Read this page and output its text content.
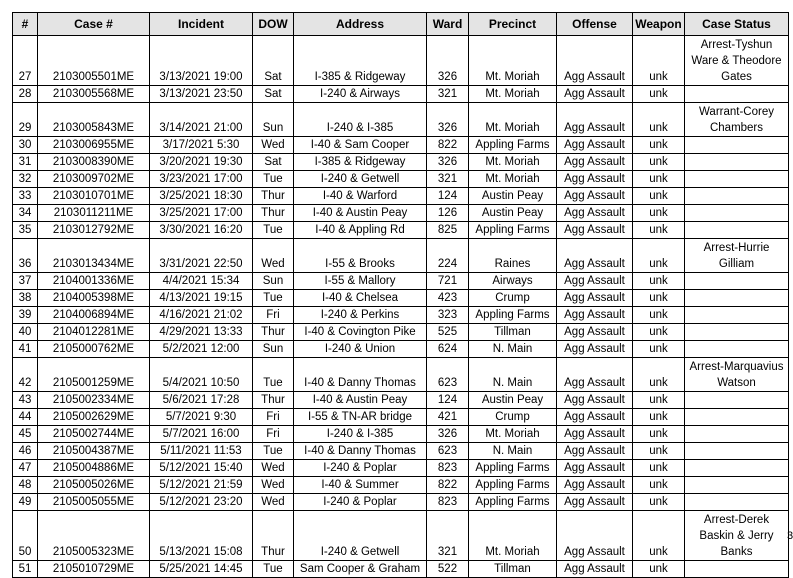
#	Case #	Incident	DOW	Address	Ward	Precinct	Offense	Weapon	Case Status
27	2103005501ME	3/13/2021 19:00	Sat	I-385 & Ridgeway	326	Mt. Moriah	Agg Assault	unk	Arrest-Tyshun Ware & Theodore Gates
28	2103005568ME	3/13/2021 23:50	Sat	I-240 & Airways	321	Mt. Moriah	Agg Assault	unk	
29	2103005843ME	3/14/2021 21:00	Sun	I-240 & I-385	326	Mt. Moriah	Agg Assault	unk	Warrant-Corey Chambers
30	2103006955ME	3/17/2021 5:30	Wed	I-40 & Sam Cooper	822	Appling Farms	Agg Assault	unk	
31	2103008390ME	3/20/2021 19:30	Sat	I-385 & Ridgeway	326	Mt. Moriah	Agg Assault	unk	
32	2103009702ME	3/23/2021 17:00	Tue	I-240 & Getwell	321	Mt. Moriah	Agg Assault	unk	
33	2103010701ME	3/25/2021 18:30	Thur	I-40 & Warford	124	Austin Peay	Agg Assault	unk	
34	2103011211ME	3/25/2021 17:00	Thur	I-40 & Austin Peay	126	Austin Peay	Agg Assault	unk	
35	2103012792ME	3/30/2021 16:20	Tue	I-40 & Appling Rd	825	Appling Farms	Agg Assault	unk	
36	2103013434ME	3/31/2021 22:50	Wed	I-55 & Brooks	224	Raines	Agg Assault	unk	Arrest-Hurrie Gilliam
37	2104001336ME	4/4/2021 15:34	Sun	I-55 & Mallory	721	Airways	Agg Assault	unk	
38	2104005398ME	4/13/2021 19:15	Tue	I-40 & Chelsea	423	Crump	Agg Assault	unk	
39	2104006894ME	4/16/2021 21:02	Fri	I-240 & Perkins	323	Appling Farms	Agg Assault	unk	
40	2104012281ME	4/29/2021 13:33	Thur	I-40 & Covington Pike	525	Tillman	Agg Assault	unk	
41	2105000762ME	5/2/2021 12:00	Sun	I-240 & Union	624	N. Main	Agg Assault	unk	
42	2105001259ME	5/4/2021 10:50	Tue	I-40 & Danny Thomas	623	N. Main	Agg Assault	unk	Arrest-Marquavius Watson
43	2105002334ME	5/6/2021 17:28	Thur	I-40 & Austin Peay	124	Austin Peay	Agg Assault	unk	
44	2105002629ME	5/7/2021 9:30	Fri	I-55 & TN-AR bridge	421	Crump	Agg Assault	unk	
45	2105002744ME	5/7/2021 16:00	Fri	I-240 & I-385	326	Mt. Moriah	Agg Assault	unk	
46	2105004387ME	5/11/2021 11:53	Tue	I-40 & Danny Thomas	623	N. Main	Agg Assault	unk	
47	2105004886ME	5/12/2021 15:40	Wed	I-240 & Poplar	823	Appling Farms	Agg Assault	unk	
48	2105005026ME	5/12/2021 21:59	Wed	I-40 & Summer	822	Appling Farms	Agg Assault	unk	
49	2105005055ME	5/12/2021 23:20	Wed	I-240 & Poplar	823	Appling Farms	Agg Assault	unk	
50	2105005323ME	5/13/2021 15:08	Thur	I-240 & Getwell	321	Mt. Moriah	Agg Assault	unk	Arrest-Derek Baskin & Jerry Banks
51	2105010729ME	5/25/2021 14:45	Tue	Sam Cooper & Graham	522	Tillman	Agg Assault	unk	
3
